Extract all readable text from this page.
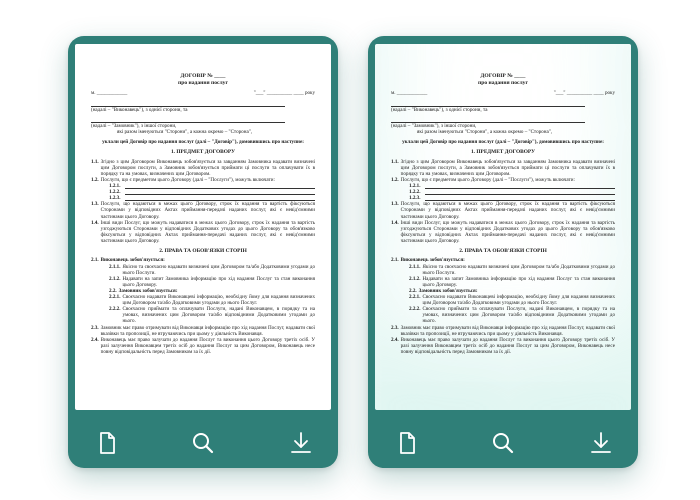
ДОГОВІР № ____
про надання послуг
м. ____________	"___" __________ ____ року
(надалі – "Виконавець"), з однієї сторони, та
(надалі – "Замовник"), з іншої сторони,
які разом іменуються "Сторони", а кожна окремо – "Сторона",

уклали цей Договір про надання послуг (далі – "Договір"), домовившись про наступне:

1. ПРЕДМЕТ ДОГОВОРУ
1.1. Згідно з цим Договором Виконавець зобов'язується за завданням Замовника надавати визначені цим Договором послуги, а Замовник зобов'язується приймати ці послуги та оплачувати їх в порядку та на умовах, визначених цим Договором.
1.2. Послуги, що є предметом цього Договору (далі – "Послуги"), можуть включати:
1.2.1.
1.2.2.
1.2.3.
1.3. Послуги, що надаються в межах цього Договору, строк їх надання та вартість фіксуються Сторонами у відповідних Актах приймання-передачі наданих послуг, які є невід'ємними частинами цього Договору.
1.4. Інші види Послуг, що можуть надаватися в межах цього Договору, строк їх надання та вартість узгоджуються Сторонами у відповідних Додаткових угодах до цього Договору та обов'язково фіксуються у відповідних Актах приймання-передачі наданих послуг, які є невід'ємними частинами цього Договору.
2. ПРАВА ТА ОБОВ'ЯЗКИ СТОРІН
2.1. Виконавець зобов'язується:
2.1.1. Якісно та своєчасно надавати визначені цим Договором та/або Додатковими угодами до нього Послуги.
2.1.2. Надавати на запит Замовника інформацію про хід надання Послуг та стан виконання цього Договору.
2.2. Замовник зобов'язується:
2.2.1. Своєчасно надавати Виконавцеві інформацію, необхідну йому для надання визначених цим Договором та/або Додатковими угодами до нього Послуг.
2.2.2. Своєчасно приймати та оплачувати Послуги, надані Виконавцем, в порядку та на умовах, визначених цим Договором та/або відповідними Додатковими угодами до нього.
2.3. Замовник має право отримувати від Виконавця інформацію про хід надання Послуг, надавати свої вказівки та пропозиції, не втручаючись при цьому у діяльність Виконавця.
2.4. Виконавець має право залучати до надання Послуг та виконання цього Договору третіх осіб. У разі залучення Виконавцем третіх осіб до надання Послуг за цим Договором, Виконавець несе повну відповідальність перед Замовником за їх дії.
ДОГОВІР № ____
про надання послуг
м. ____________	"___" __________ ____ року
(надалі – "Виконавець"), з однієї сторони, та
(надалі – "Замовник"), з іншої сторони,
які разом іменуються "Сторони", а кожна окремо – "Сторона",

уклали цей Договір про надання послуг (далі – "Договір"), домовившись про наступне:

1. ПРЕДМЕТ ДОГОВОРУ
1.1. Згідно з цим Договором Виконавець зобов'язується за завданням Замовника надавати визначені цим Договором послуги, а Замовник зобов'язується приймати ці послуги та оплачувати їх в порядку та на умовах, визначених цим Договором.
1.2. Послуги, що є предметом цього Договору (далі – "Послуги"), можуть включати:
1.2.1.
1.2.2.
1.2.3.
1.3. Послуги, що надаються в межах цього Договору, строк їх надання та вартість фіксуються Сторонами у відповідних Актах приймання-передачі наданих послуг, які є невід'ємними частинами цього Договору.
1.4. Інші види Послуг, що можуть надаватися в межах цього Договору, строк їх надання та вартість узгоджуються Сторонами у відповідних Додаткових угодах до цього Договору та обов'язково фіксуються у відповідних Актах приймання-передачі наданих послуг, які є невід'ємними частинами цього Договору.
2. ПРАВА ТА ОБОВ'ЯЗКИ СТОРІН
2.1. Виконавець зобов'язується:
2.1.1. Якісно та своєчасно надавати визначені цим Договором та/або Додатковими угодами до нього Послуги.
2.1.2. Надавати на запит Замовника інформацію про хід надання Послуг та стан виконання цього Договору.
2.2. Замовник зобов'язується:
2.2.1. Своєчасно надавати Виконавцеві інформацію, необхідну йому для надання визначених цим Договором та/або Додатковими угодами до нього Послуг.
2.2.2. Своєчасно приймати та оплачувати Послуги, надані Виконавцем, в порядку та на умовах, визначених цим Договором та/або відповідними Додатковими угодами до нього.
2.3. Замовник має право отримувати від Виконавця інформацію про хід надання Послуг, надавати свої вказівки та пропозиції, не втручаючись при цьому у діяльність Виконавця.
2.4. Виконавець має право залучати до надання Послуг та виконання цього Договору третіх осіб. У разі залучення Виконавцем третіх осіб до надання Послуг за цим Договором, Виконавець несе повну відповідальність перед Замовником за їх дії.
